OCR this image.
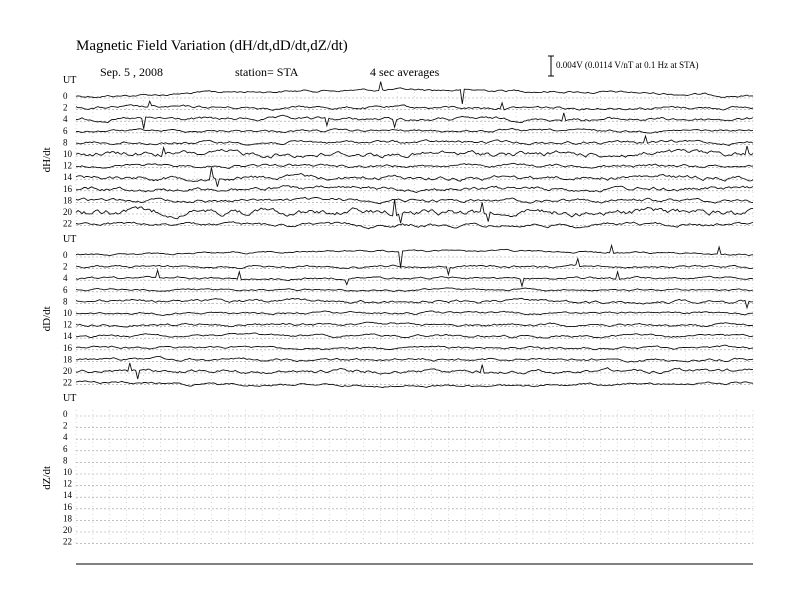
Magnetic Field Variation (dH/dt,dD/dt,dZ/dt)
Sep. 5 , 2008	station= STA	4 sec averages	0.004V (0.0114 V/nT at 0.1 Hz at STA)
UT
dH/dt
0
2
4
6
8
10
12
14
16
18
20
22
UT
dD/dt
0
2
4
6
8
10
12
14
16
18
20
22
UT
dZ/dt
0
2
4
6
8
10
12
14
16
18
20
22
